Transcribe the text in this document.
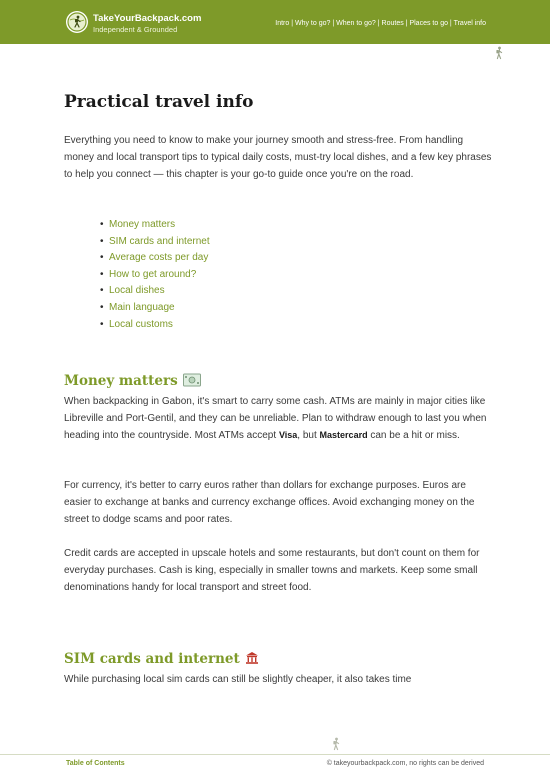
TakeYourBackpack.com
Independent & Grounded
Intro | Why to go? | When to go? | Routes | Places to go | Travel info
Practical travel info

Everything you need to know to make your journey smooth and stress-free. From handling money and local transport tips to typical daily costs, must-try local dishes, and a few key phrases to help you connect — this chapter is your go-to guide once you're on the road.

• Money matters
• SIM cards and internet
• Average costs per day
• How to get around?
• Local dishes
• Main language
• Local customs
Money matters

When backpacking in Gabon, it's smart to carry some cash. ATMs are mainly in major cities like Libreville and Port-Gentil, and they can be unreliable. Plan to withdraw enough to last you when heading into the countryside. Most ATMs accept Visa, but Mastercard can be a hit or miss.

For currency, it's better to carry euros rather than dollars for exchange purposes. Euros are easier to exchange at banks and currency exchange offices. Avoid exchanging money on the street to dodge scams and poor rates.

Credit cards are accepted in upscale hotels and some restaurants, but don't count on them for everyday purchases. Cash is king, especially in smaller towns and markets. Keep some small denominations handy for local transport and street food.

SIM cards and internet

While purchasing local sim cards can still be slightly cheaper, it also takes time

Table of Contents	© takeyourbackpack.com, no rights can be derived
